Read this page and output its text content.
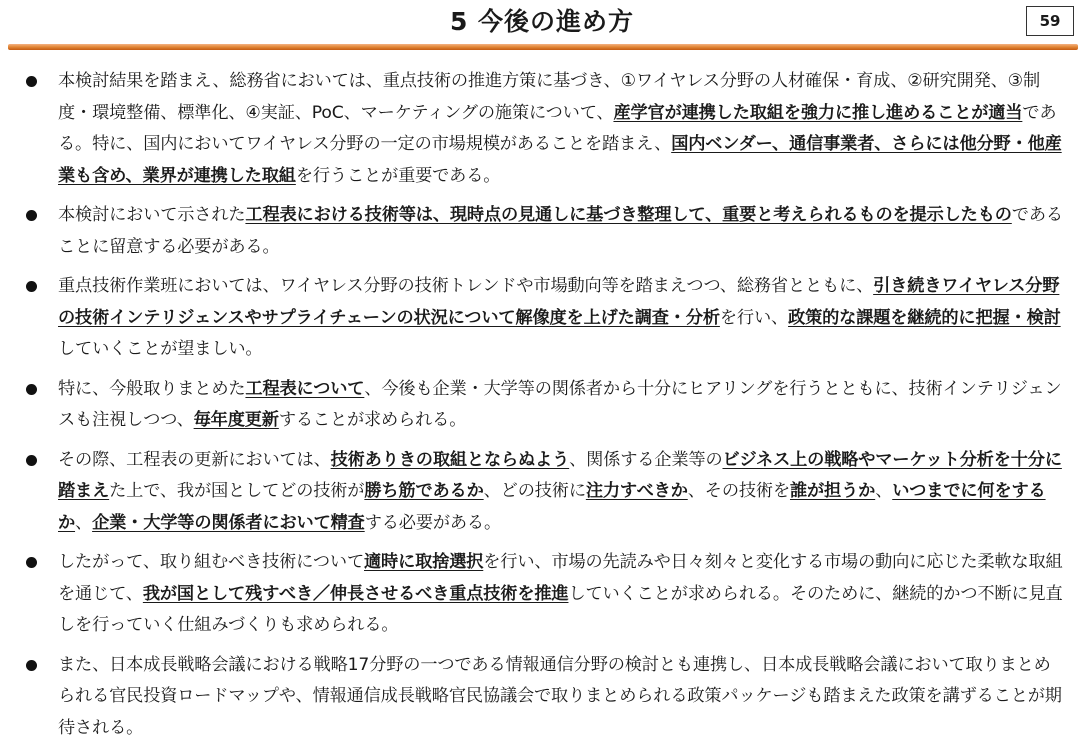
5 今後の進め方	59
本検討結果を踏まえ、総務省においては、重点技術の推進方策に基づき、①ワイヤレス分野の人材確保・育成、②研究開発、③制度・環境整備、標準化、④実証、PoC、マーケティングの施策について、産学官が連携した取組を強力に推し進めることが適当である。特に、国内においてワイヤレス分野の一定の市場規模があることを踏まえ、国内ベンダー、通信事業者、さらには他分野・他産業も含め、業界が連携した取組を行うことが重要である。
本検討において示された工程表における技術等は、現時点の見通しに基づき整理して、重要と考えられるものを提示したものであることに留意する必要がある。
重点技術作業班においては、ワイヤレス分野の技術トレンドや市場動向等を踏まえつつ、総務省とともに、引き続きワイヤレス分野の技術インテリジェンスやサプライチェーンの状況について解像度を上げた調査・分析を行い、政策的な課題を継続的に把握・検討していくことが望ましい。
特に、今般取りまとめた工程表について、今後も企業・大学等の関係者から十分にヒアリングを行うとともに、技術インテリジェンスも注視しつつ、毎年度更新することが求められる。
その際、工程表の更新においては、技術ありきの取組とならぬよう、関係する企業等のビジネス上の戦略やマーケット分析を十分に踏まえた上で、我が国としてどの技術が勝ち筋であるか、どの技術に注力すべきか、その技術を誰が担うか、いつまでに何をするか、企業・大学等の関係者において精査する必要がある。
したがって、取り組むべき技術について適時に取捨選択を行い、市場の先読みや日々刻々と変化する市場の動向に応じた柔軟な取組を通じて、我が国として残すべき／伸長させるべき重点技術を推進していくことが求められる。そのために、継続的かつ不断に見直しを行っていく仕組みづくりも求められる。
また、日本成長戦略会議における戦略17分野の一つである情報通信分野の検討とも連携し、日本成長戦略会議において取りまとめられる官民投資ロードマップや、情報通信成長戦略官民協議会で取りまとめられる政策パッケージも踏まえた政策を講ずることが期待される。
